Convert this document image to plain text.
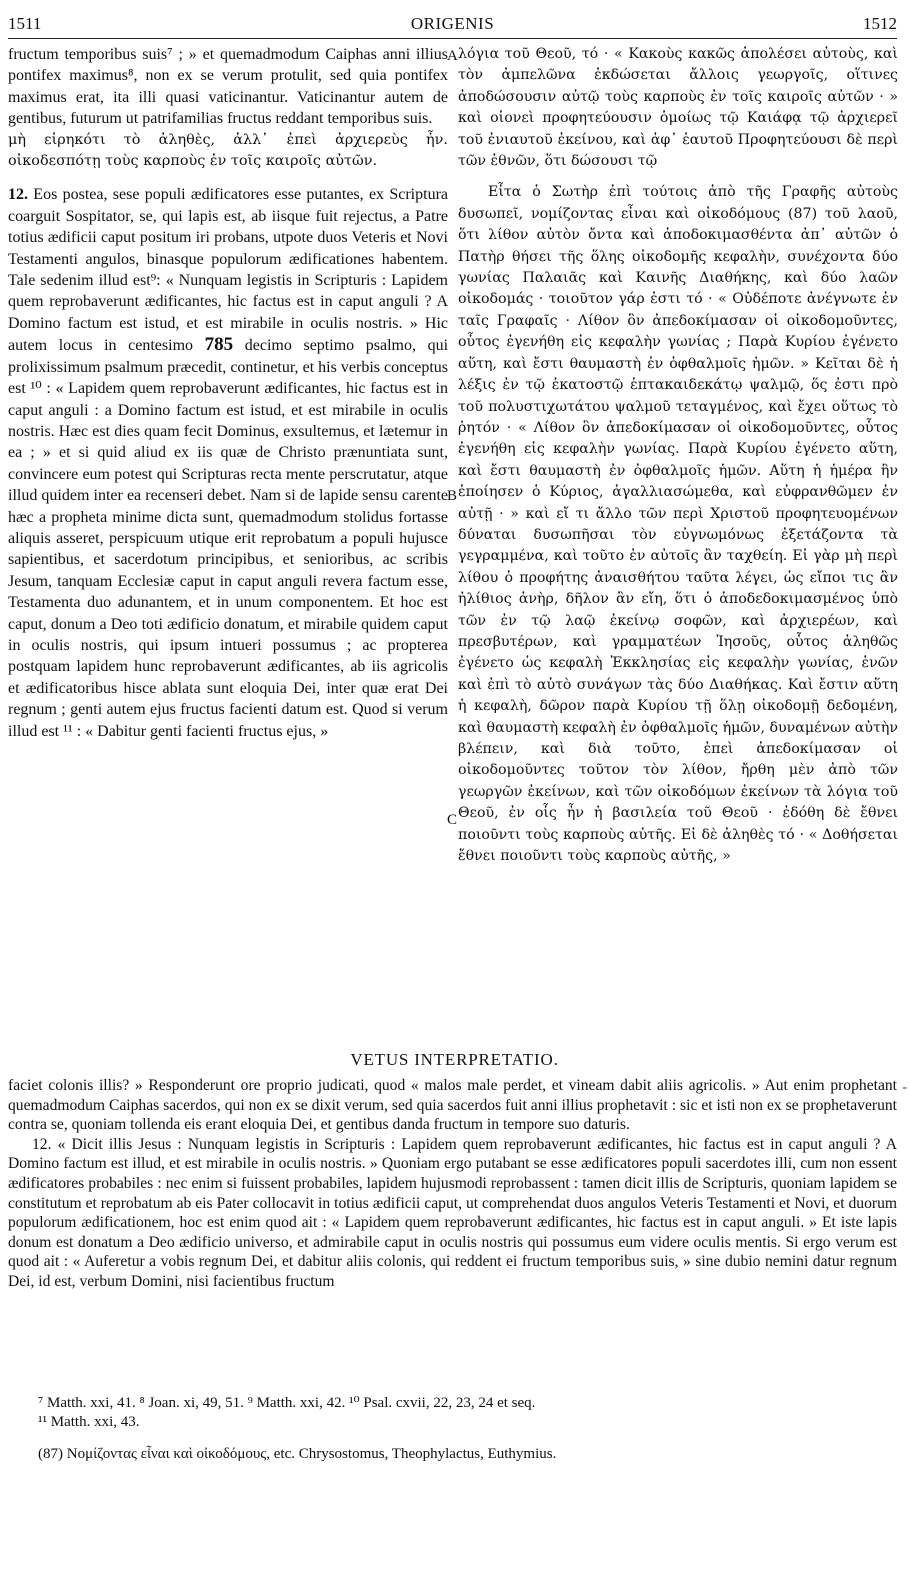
1511	ORIGENIS	1512

fructum temporibus suis⁷ ; » et quemadmodum Caiphas anni illius pontifex maximus⁸, non ex se verum protulit, sed quia pontifex maximus erat, ita illi quasi vaticinantur. Vaticinantur autem de gentibus, futurum ut patrifamilias fructus reddant temporibus suis.

μὴ εἰρηκότι τὸ ἀληθὲς, ἀλλ᾽ ἐπεὶ ἀρχιερεὺς ἦν. οἰκοδεσπότῃ τοὺς καρποὺς ἐν τοῖς καιροῖς αὐτῶν.

12. Eos postea, sese populi ædificatores esse putantes, ex Scriptura coarguit Sospitator, se, qui lapis est, ab iisque fuit rejectus, a Patre totius ædificii caput positum iri probans, utpote duos Veteris et Novi Testamenti angulos, binasque populorum ædificationes habentem. Tale sedenim illud est⁹: « Nunquam legistis in Scripturis : Lapidem quem reprobaverunt ædificantes, hic factus est in caput anguli ? A Domino factum est istud, et est mirabile in oculis nostris. » Hic autem locus in centesimo 785 decimo septimo psalmo, qui prolixissimum psalmum præcedit, continetur, et his verbis conceptus est ¹⁰ : « Lapidem quem reprobaverunt ædificantes, hic factus est in caput anguli : a Domino factum est istud, et est mirabile in oculis nostris. Hæc est dies quam fecit Dominus, exsultemus, et lætemur in ea ; » et si quid aliud ex iis quæ de Christo prænuntiata sunt, convincere eum potest qui Scripturas recta mente perscrutatur, atque illud quidem inter ea recenseri debet. Nam si de lapide sensu carente hæc a propheta minime dicta sunt, quemadmodum stolidus fortasse aliquis asseret, perspicuum utique erit reprobatum a populi hujusce sapientibus, et sacerdotum principibus, et senioribus, ac scribis Jesum, tanquam Ecclesiæ caput in caput anguli revera factum esse, Testamenta duo adunantem, et in unum componentem. Et hoc est caput, donum a Deo toti ædificio donatum, et mirabile quidem caput in oculis nostris, qui ipsum intueri possumus ; ac propterea postquam lapidem hunc reprobaverunt ædificantes, ab iis agricolis et ædificatoribus hisce ablata sunt eloquia Dei, inter quæ erat Dei regnum ; genti autem ejus fructus facienti datum est. Quod si verum illud est ¹¹ : « Dabitur genti facienti fructus ejus, »

A
B
C

λόγια τοῦ Θεοῦ, τό · « Κακοὺς κακῶς ἀπολέσει αὐτοὺς, καὶ τὸν ἀμπελῶνα ἐκδώσεται ἄλλοις γεωργοῖς, οἵτινες ἀποδώσουσιν αὐτῷ τοὺς καρποὺς ἐν τοῖς καιροῖς αὐτῶν · » καὶ οἱονεὶ προφητεύουσιν ὁμοίως τῷ Καιάφᾳ τῷ ἀρχιερεῖ τοῦ ἐνιαυτοῦ ἐκείνου, καὶ ἀφ᾽ ἑαυτοῦ Προφητεύουσι δὲ περὶ τῶν ἐθνῶν, ὅτι δώσουσι τῷ

Εἶτα ὁ Σωτὴρ ἐπὶ τούτοις ἀπὸ τῆς Γραφῆς αὐτοὺς δυσωπεῖ, νομίζοντας εἶναι καὶ οἰκοδόμους (87) τοῦ λαοῦ, ὅτι λίθον αὐτὸν ὄντα καὶ ἀποδοκιμασθέντα ἀπ᾽ αὐτῶν ὁ Πατὴρ θήσει τῆς ὅλης οἰκοδομῆς κεφαλὴν, συνέχοντα δύο γωνίας Παλαιᾶς καὶ Καινῆς Διαθήκης, καὶ δύο λαῶν οἰκοδομάς · τοιοῦτον γάρ ἐστι τό · « Οὐδέποτε ἀνέγνωτε ἐν ταῖς Γραφαῖς · Λίθον ὃν ἀπεδοκίμασαν οἱ οἰκοδομοῦντες, οὗτος ἐγενήθη εἰς κεφαλὴν γωνίας ; Παρὰ Κυρίου ἐγένετο αὕτη, καὶ ἔστι θαυμαστὴ ἐν ὀφθαλμοῖς ἡμῶν. » Κεῖται δὲ ἡ λέξις ἐν τῷ ἑκατοστῷ ἑπτακαιδεκάτῳ ψαλμῷ, ὅς ἐστι πρὸ τοῦ πολυστιχωτάτου ψαλμοῦ τεταγμένος, καὶ ἔχει οὕτως τὸ ῥητόν · « Λίθον ὃν ἀπεδοκίμασαν οἱ οἰκοδομοῦντες, οὗτος ἐγενήθη εἰς κεφαλὴν γωνίας. Παρὰ Κυρίου ἐγένετο αὕτη, καὶ ἔστι θαυμαστὴ ἐν ὀφθαλμοῖς ἡμῶν. Αὕτη ἡ ἡμέρα ἣν ἐποίησεν ὁ Κύριος, ἀγαλλιασώμεθα, καὶ εὐφρανθῶμεν ἐν αὐτῇ · » καὶ εἴ τι ἄλλο τῶν περὶ Χριστοῦ προφητευομένων δύναται δυσωπῆσαι τὸν εὐγνωμόνως ἐξετάζοντα τὰ γεγραμμένα, καὶ τοῦτο ἐν αὐτοῖς ἂν ταχθείη. Εἰ γὰρ μὴ περὶ λίθου ὁ προφήτης ἀναισθήτου ταῦτα λέγει, ὡς εἴποι τις ἂν ἠλίθιος ἀνὴρ, δῆλον ἂν εἴη, ὅτι ὁ ἀποδεδοκιμασμένος ὑπὸ τῶν ἐν τῷ λαῷ ἐκείνῳ σοφῶν, καὶ ἀρχιερέων, καὶ πρεσβυτέρων, καὶ γραμματέων Ἰησοῦς, οὗτος ἀληθῶς ἐγένετο ὡς κεφαλὴ Ἐκκλησίας εἰς κεφαλὴν γωνίας, ἑνῶν καὶ ἐπὶ τὸ αὐτὸ συνάγων τὰς δύο Διαθήκας. Καὶ ἔστιν αὕτη ἡ κεφαλὴ, δῶρον παρὰ Κυρίου τῇ ὅλῃ οἰκοδομῇ δεδομένη, καὶ θαυμαστὴ κεφαλὴ ἐν ὀφθαλμοῖς ἡμῶν, δυναμένων αὐτὴν βλέπειν, καὶ διὰ τοῦτο, ἐπεὶ ἀπεδοκίμασαν οἱ οἰκοδομοῦντες τοῦτον τὸν λίθον, ἤρθη μὲν ἀπὸ τῶν γεωργῶν ἐκείνων, καὶ τῶν οἰκοδόμων ἐκείνων τὰ λόγια τοῦ Θεοῦ, ἐν οἷς ἦν ἡ βασιλεία τοῦ Θεοῦ · ἐδόθη δὲ ἔθνει ποιοῦντι τοὺς καρποὺς αὐτῆς. Εἰ δὲ ἀληθὲς τό · « Δοθήσεται ἔθνει ποιοῦντι τοὺς καρποὺς αὐτῆς, »

VETUS INTERPRETATIO.

faciet colonis illis? » Responderunt ore proprio judicati, quod « malos male perdet, et vineam dabit aliis agricolis. » Aut enim prophetant quemadmodum Caiphas sacerdos, qui non ex se dixit verum, sed quia sacerdos fuit anni illius prophetavit : sic et isti non ex se prophetaverunt contra se, quoniam tollenda eis erant eloquia Dei, et gentibus danda fructum in tempore suo daturis.

12. « Dicit illis Jesus : Nunquam legistis in Scripturis : Lapidem quem reprobaverunt ædificantes, hic factus est in caput anguli ? A Domino factum est illud, et est mirabile in oculis nostris. » Quoniam ergo putabant se esse ædificatores populi sacerdotes illi, cum non essent ædificatores probabiles : nec enim si fuissent probabiles, lapidem hujusmodi reprobassent : tamen dicit illis de Scripturis, quoniam lapidem se constitutum et reprobatum ab eis Pater collocavit in totius ædificii caput, ut comprehendat duos angulos Veteris Testamenti et Novi, et duorum populorum ædificationem, hoc est enim quod ait : « Lapidem quem reprobaverunt ædificantes, hic factus est in caput anguli. » Et iste lapis donum est donatum a Deo ædificio universo, et admirabile caput in oculis nostris qui possumus eum videre oculis mentis. Si ergo verum est quod ait : « Auferetur a vobis regnum Dei, et dabitur aliis colonis, qui reddent ei fructum temporibus suis, » sine dubio nemini datur regnum Dei, id est, verbum Domini, nisi facientibus fructum

-

⁷ Matth. xxi, 41. ⁸ Joan. xi, 49, 51. ⁹ Matth. xxi, 42. ¹⁰ Psal. cxvii, 22, 23, 24 et seq.

¹¹ Matth. xxi, 43.

(87) Νομίζοντας εἶναι καὶ οἰκοδόμους, etc. Chrysostomus, Theophylactus, Euthymius.
